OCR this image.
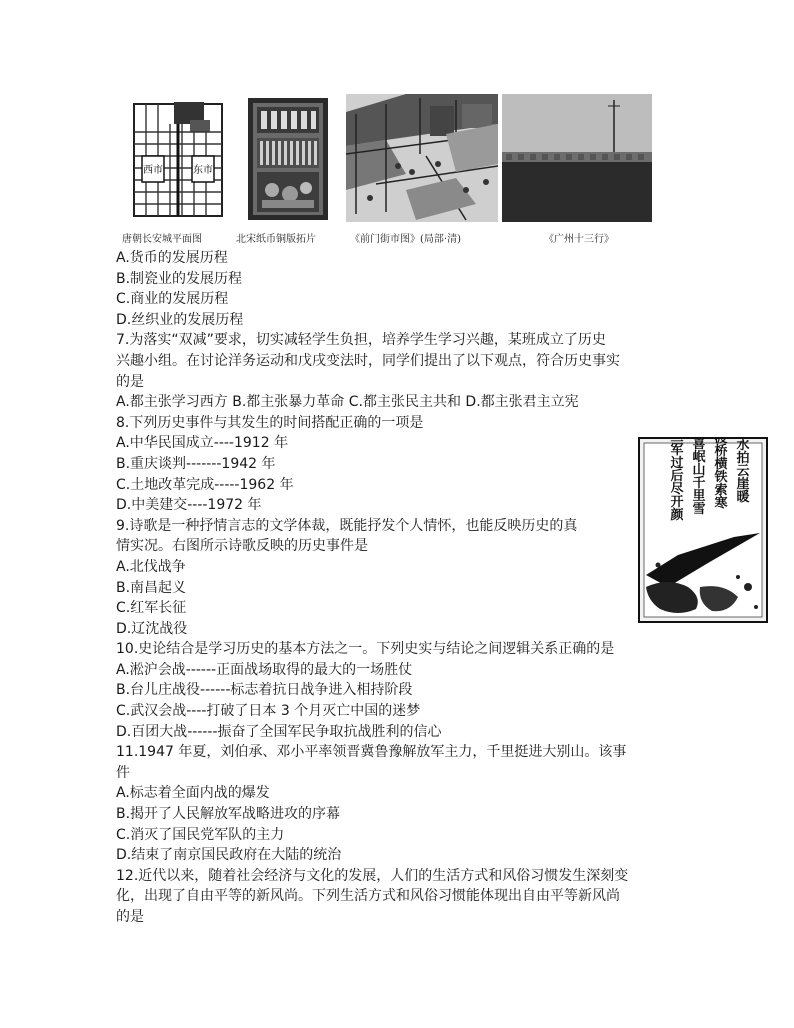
西市	东市
唐朝长安城平面图	北宋纸币铜版拓片	《前门街市图》(局部·清)	《广州十三行》
A.货币的发展历程
B.制瓷业的发展历程
C.商业的发展历程
D.丝织业的发展历程
7.为落实“双减”要求，切实减轻学生负担，培养学生学习兴趣，某班成立了历史
兴趣小组。在讨论洋务运动和戊戌变法时，同学们提出了以下观点，符合历史事实
的是
A.都主张学习西方 B.都主张暴力革命 C.都主张民主共和 D.都主张君主立宪
8.下列历史事件与其发生的时间搭配正确的一项是
A.中华民国成立----1912 年
B.重庆谈判-------1942 年
C.土地改革完成-----1962 年
D.中美建交----1972 年
9.诗歌是一种抒情言志的文学体裁，既能抒发个人情怀，也能反映历史的真
情实况。右图所示诗歌反映的历史事件是
A.北伐战争
B.南昌起义
C.红军长征
D.辽沈战役
10.史论结合是学习历史的基本方法之一。下列史实与结论之间逻辑关系正确的是
A.淞沪会战------正面战场取得的最大的一场胜仗
B.台儿庄战役------标志着抗日战争进入相持阶段
C.武汉会战----打破了日本 3 个月灭亡中国的迷梦
D.百团大战------振奋了全国军民争取抗战胜利的信心
11.1947 年夏，刘伯承、邓小平率领晋冀鲁豫解放军主力，千里挺进大别山。该事
件
A.标志着全面内战的爆发
B.揭开了人民解放军战略进攻的序幕
C.消灭了国民党军队的主力
D.结束了南京国民政府在大陆的统治
12.近代以来，随着社会经济与文化的发展，人们的生活方式和风俗习惯发生深刻变
化，出现了自由平等的新风尚。下列生活方式和风俗习惯能体现出自由平等新风尚
的是
金沙水拍云崖暖
大渡桥横铁索寒
更喜岷山千里雪
三军过后尽开颜
